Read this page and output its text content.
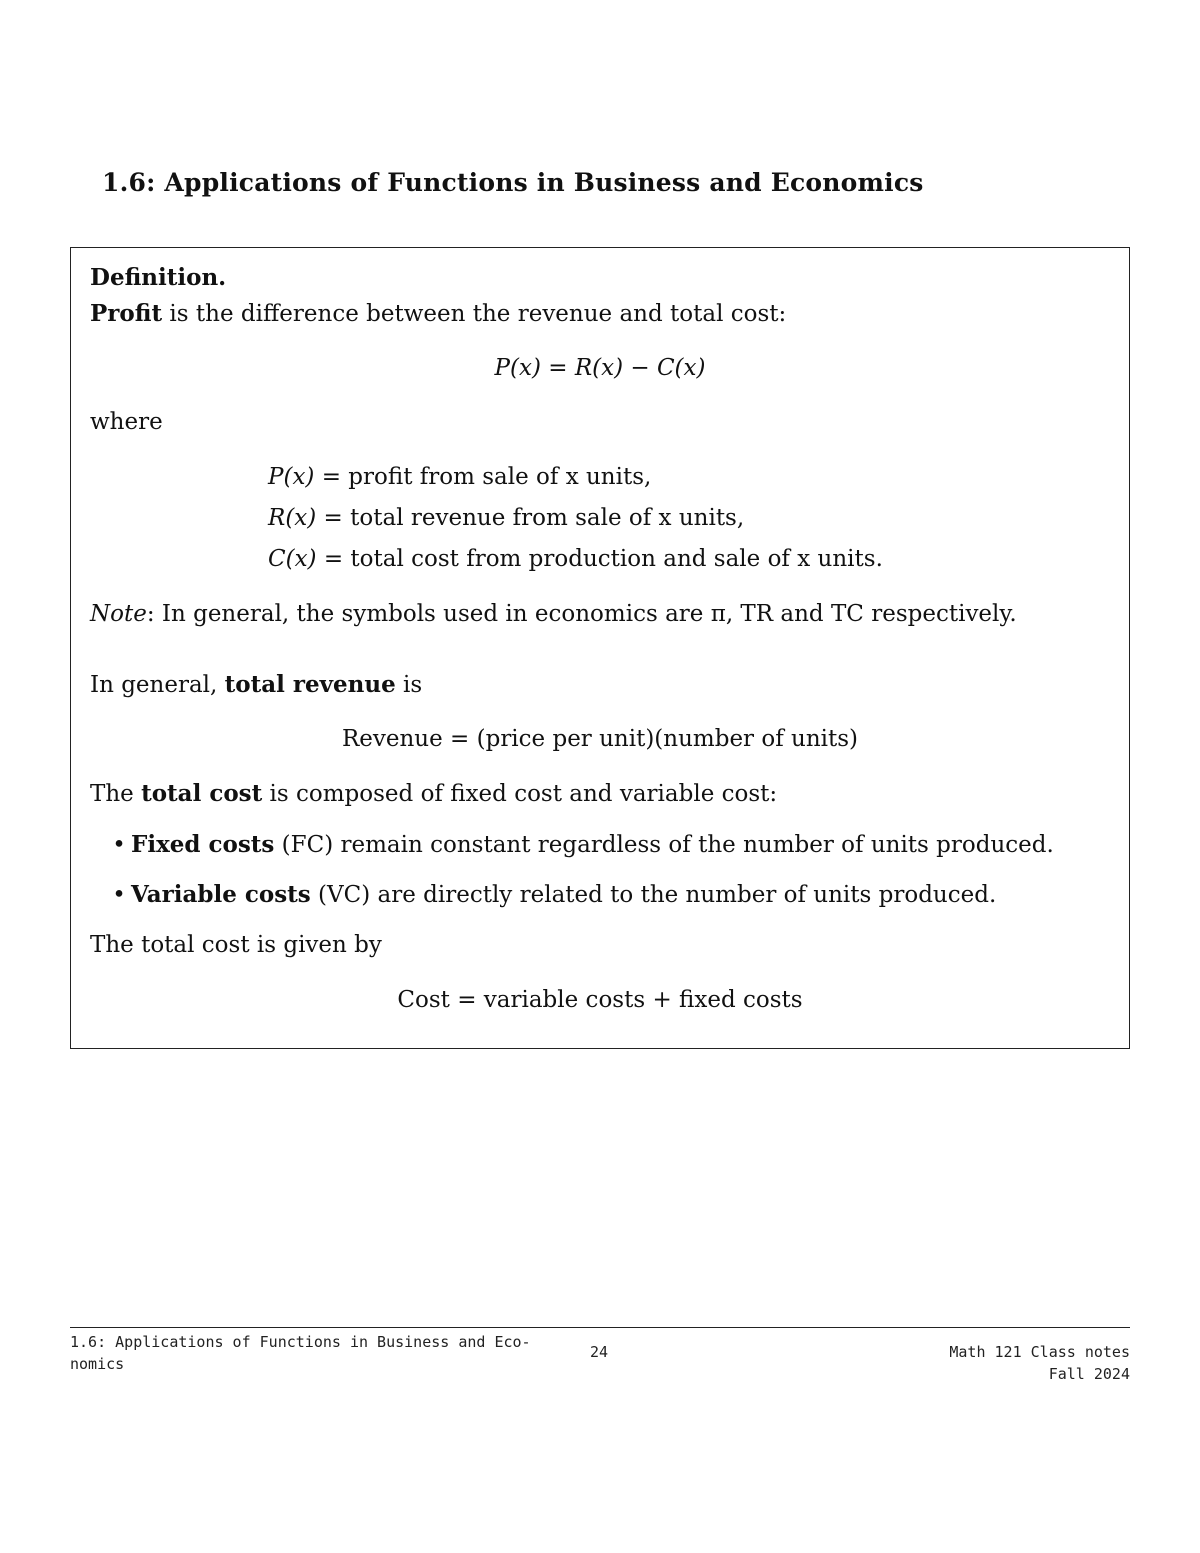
1.6: Applications of Functions in Business and Economics
Definition.
Profit is the difference between the revenue and total cost:
P(x) = R(x) − C(x)
where
P(x) = profit from sale of x units,
R(x) = total revenue from sale of x units,
C(x) = total cost from production and sale of x units.
Note: In general, the symbols used in economics are π, TR and TC respectively.
In general, total revenue is
Revenue = (price per unit)(number of units)
The total cost is composed of fixed cost and variable cost:
• Fixed costs (FC) remain constant regardless of the number of units produced.
• Variable costs (VC) are directly related to the number of units produced.
The total cost is given by
Cost = variable costs + fixed costs
1.6: Applications of Functions in Business and Eco-
nomics
24	Math 121 Class notes
Fall 2024
